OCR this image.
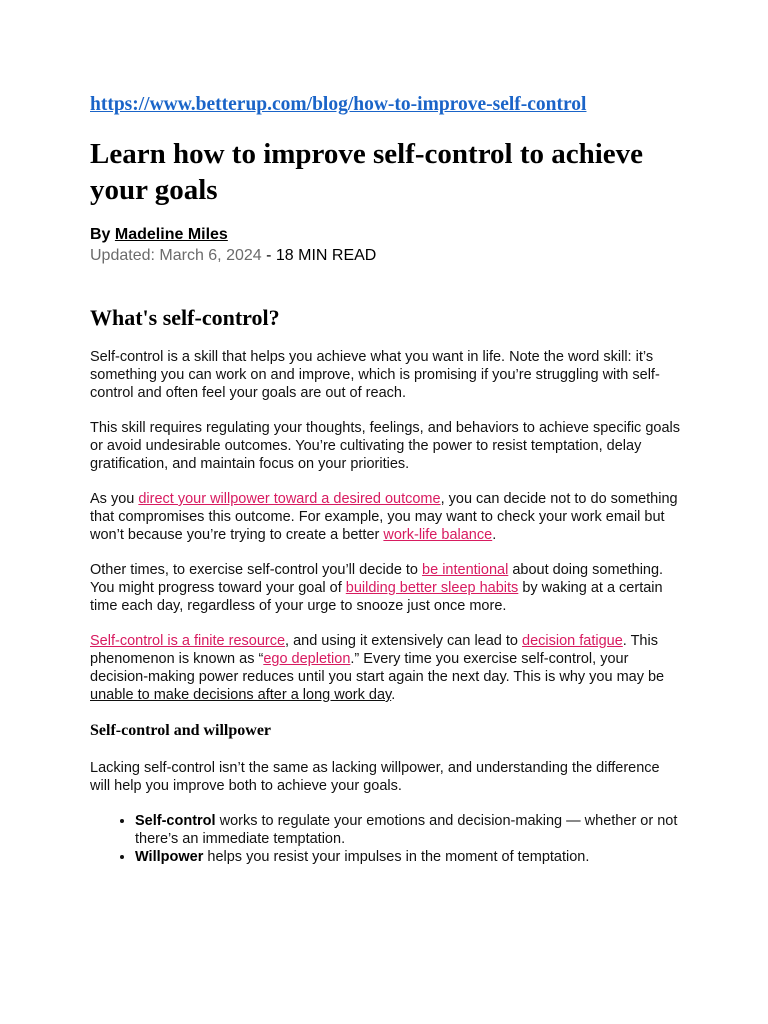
https://www.betterup.com/blog/how-to-improve-self-control
Learn how to improve self-control to achieve your goals
By Madeline Miles
Updated: March 6, 2024 - 18 MIN READ
What's self-control?

Self-control is a skill that helps you achieve what you want in life. Note the word skill: it’s something you can work on and improve, which is promising if you’re struggling with self-control and often feel your goals are out of reach.

This skill requires regulating your thoughts, feelings, and behaviors to achieve specific goals or avoid undesirable outcomes. You’re cultivating the power to resist temptation, delay gratification, and maintain focus on your priorities.

As you direct your willpower toward a desired outcome, you can decide not to do something that compromises this outcome. For example, you may want to check your work email but won’t because you’re trying to create a better work-life balance.

Other times, to exercise self-control you’ll decide to be intentional about doing something. You might progress toward your goal of building better sleep habits by waking at a certain time each day, regardless of your urge to snooze just once more.

Self-control is a finite resource, and using it extensively can lead to decision fatigue. This phenomenon is known as “ego depletion.” Every time you exercise self-control, your decision-making power reduces until you start again the next day. This is why you may be unable to make decisions after a long work day.

Self-control and willpower

Lacking self-control isn’t the same as lacking willpower, and understanding the difference will help you improve both to achieve your goals.

• Self-control works to regulate your emotions and decision-making — whether or not there’s an immediate temptation.
• Willpower helps you resist your impulses in the moment of temptation.
